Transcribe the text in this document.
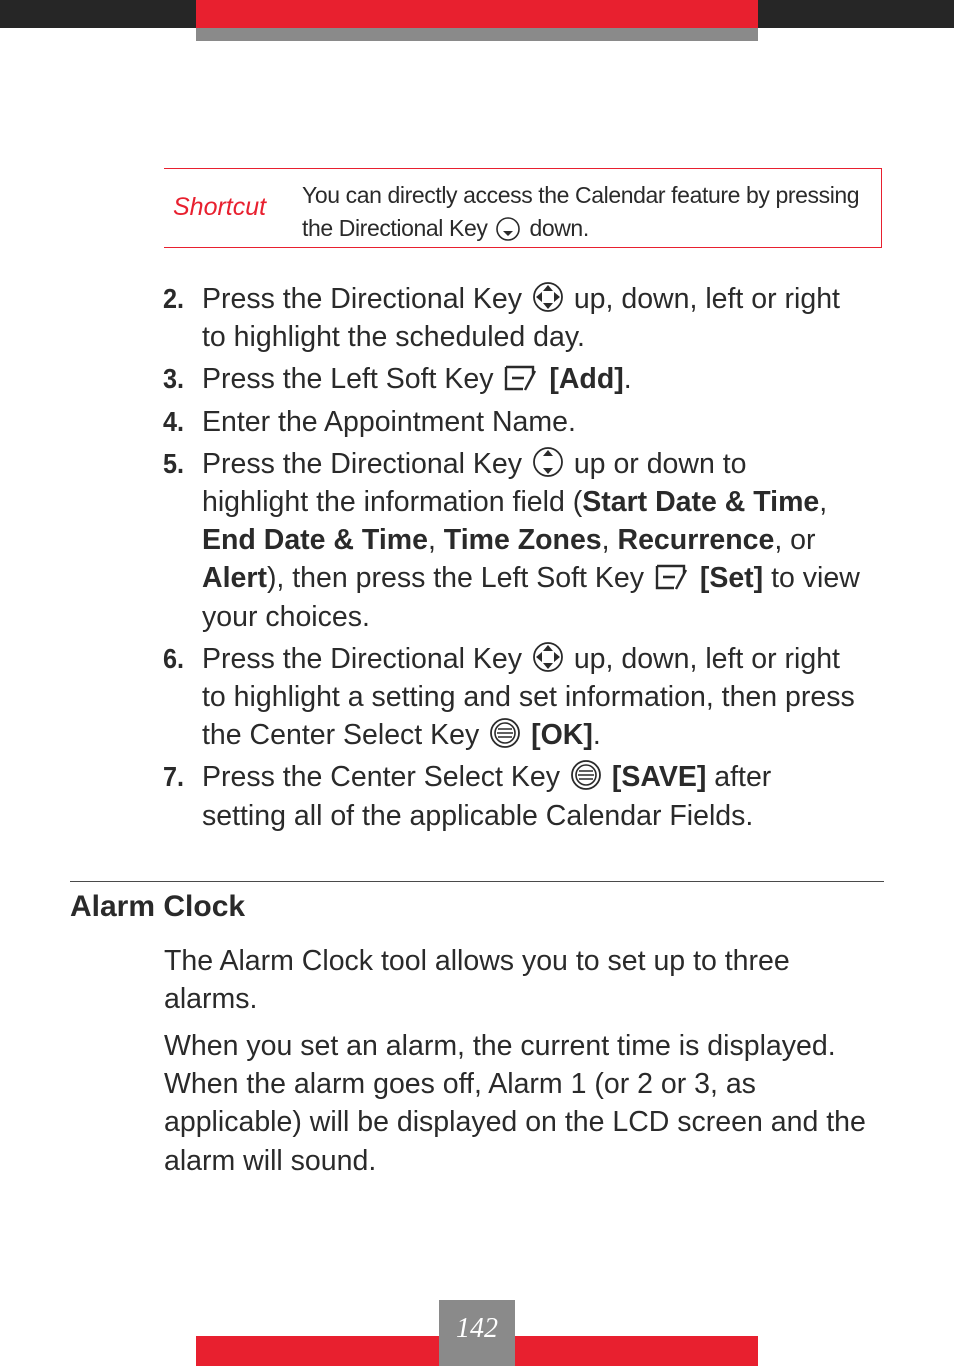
Shortcut You can directly access the Calendar feature by pressing the Directional Key  down.
2. Press the Directional Key  up, down, left or right to highlight the scheduled day.
3. Press the Left Soft Key [Add].
4. Enter the Appointment Name.
5. Press the Directional Key  up or down to highlight the information field (Start Date & Time, End Date & Time, Time Zones, Recurrence, or Alert), then press the Left Soft Key [Set] to view your choices.
6. Press the Directional Key  up, down, left or right to highlight a setting and set information, then press the Center Select Key [OK].
7. Press the Center Select Key [SAVE] after setting all of the applicable Calendar Fields.
Alarm Clock
The Alarm Clock tool allows you to set up to three alarms.
When you set an alarm, the current time is displayed. When the alarm goes off, Alarm 1 (or 2 or 3, as applicable) will be displayed on the LCD screen and the alarm will sound.
142
